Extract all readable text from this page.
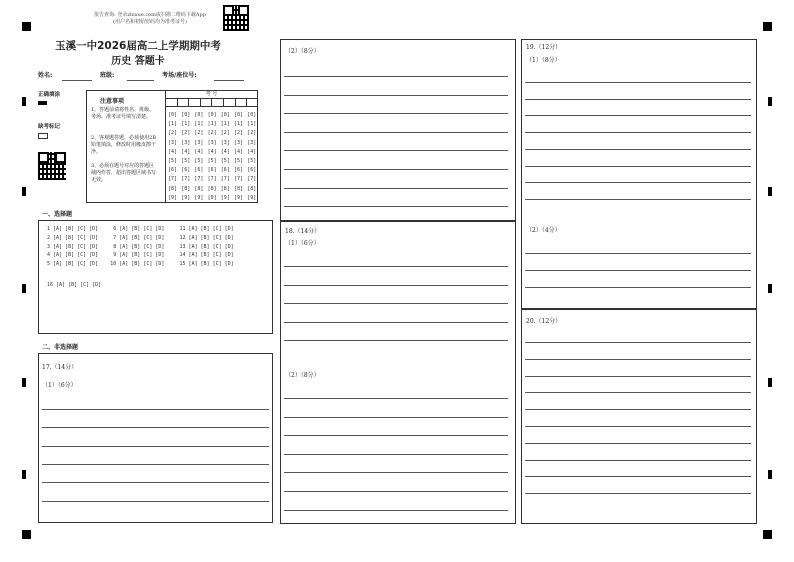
报告查询: 登录zhixue.com或扫描二维码下载App
(用户名和初始密码均为准考证号)
玉溪一中2026届高二上学期期中考
历史 答题卡
姓名:	班级:	考场/座位号:
正确填涂
缺考标记
注意事项
1、答题前请将姓名、班级、考场、准考证号填写清楚。
2、客观题答题，必须使用2B铅笔填涂，修改时用橡皮擦干净。
3、必须在题号对应的答题区域内作答，超出答题区域书写无效。
考 号
[0]
[1]
[2]
[3]
[4]
[5]
[6]
[7]
[8]
[9]
[0]
[1]
[2]
[3]
[4]
[5]
[6]
[7]
[8]
[9]
[0]
[1]
[2]
[3]
[4]
[5]
[6]
[7]
[8]
[9]
[0]
[1]
[2]
[3]
[4]
[5]
[6]
[7]
[8]
[9]
[0]
[1]
[2]
[3]
[4]
[5]
[6]
[7]
[8]
[9]
[0]
[1]
[2]
[3]
[4]
[5]
[6]
[7]
[8]
[9]
[0]
[1]
[2]
[3]
[4]
[5]
[6]
[7]
[8]
[9]
一、选择题
1 [A] [B] [C] [D]     6 [A] [B] [C] [D]     11 [A] [B] [C] [D]
2 [A] [B] [C] [D]     7 [A] [B] [C] [D]     12 [A] [B] [C] [D]
3 [A] [B] [C] [D]     8 [A] [B] [C] [D]     13 [A] [B] [C] [D]
4 [A] [B] [C] [D]     9 [A] [B] [C] [D]     14 [A] [B] [C] [D]
5 [A] [B] [C] [D]    10 [A] [B] [C] [D]     15 [A] [B] [C] [D]
16 [A] [B] [C] [D]
二、非选择题
17.（14分）
（1）（6分）
（2）（8分）
18.（14分）
（1）（6分）
（2）（8分）
19.（12分）
（1）（8分）
（2）（4分）
20.（12分）
